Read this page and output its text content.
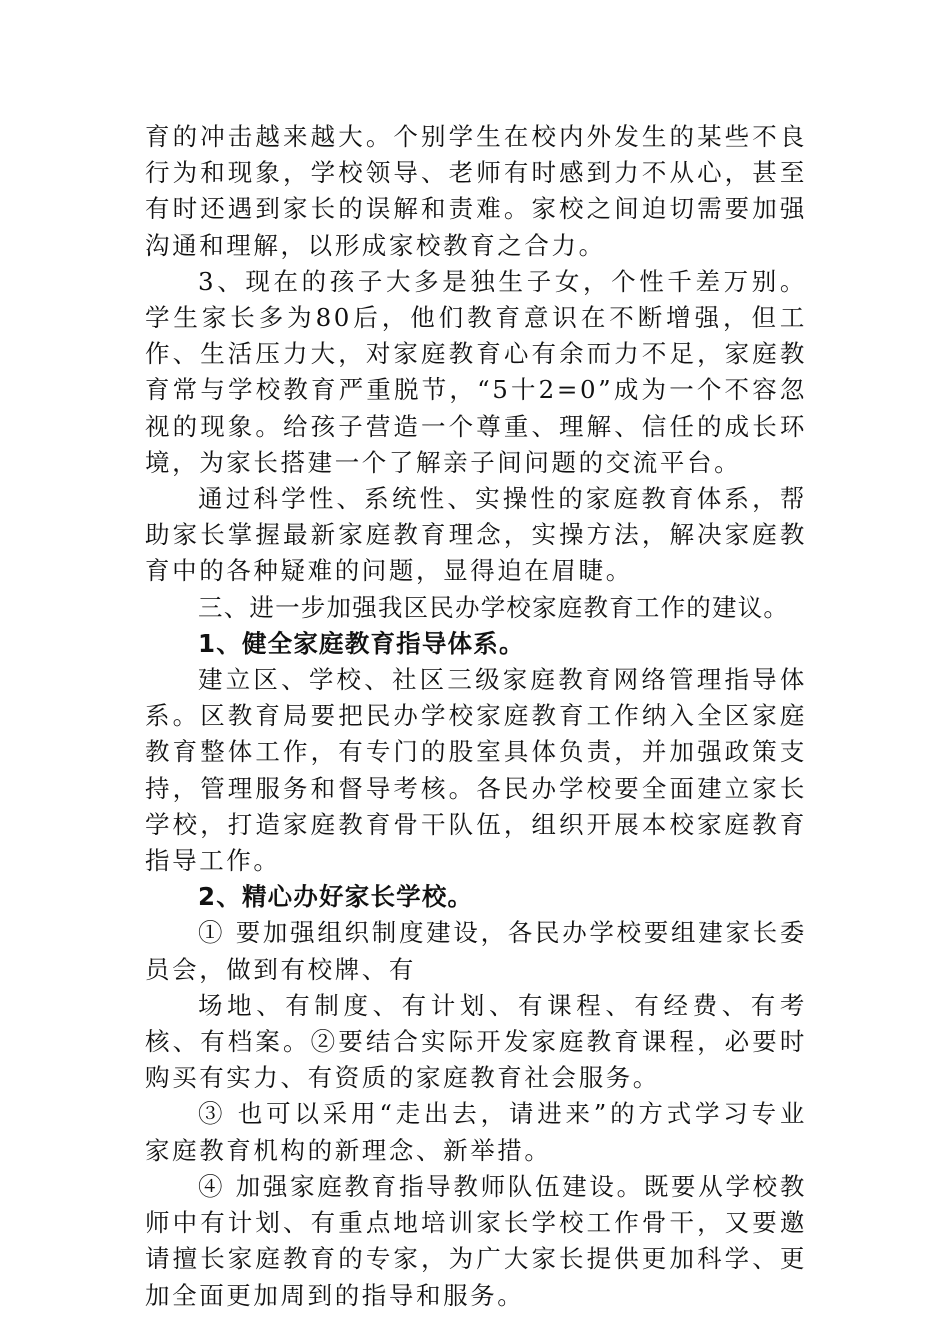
育的冲击越来越大。个别学生在校内外发生的某些不良行为和现象，学校领导、老师有时感到力不从心，甚至有时还遇到家长的误解和责难。家校之间迫切需要加强沟通和理解，以形成家校教育之合力。

3、现在的孩子大多是独生子女，个性千差万别。学生家长多为80后，他们教育意识在不断增强，但工作、生活压力大，对家庭教育心有余而力不足，家庭教育常与学校教育严重脱节，“5十2=0”成为一个不容忽视的现象。给孩子营造一个尊重、理解、信任的成长环境，为家长搭建一个了解亲子间问题的交流平台。

通过科学性、系统性、实操性的家庭教育体系，帮助家长掌握最新家庭教育理念，实操方法，解决家庭教育中的各种疑难的问题，显得迫在眉睫。

三、进一步加强我区民办学校家庭教育工作的建议。

1、健全家庭教育指导体系。

建立区、学校、社区三级家庭教育网络管理指导体系。区教育局要把民办学校家庭教育工作纳入全区家庭教育整体工作，有专门的股室具体负责，并加强政策支持，管理服务和督导考核。各民办学校要全面建立家长学校，打造家庭教育骨干队伍，组织开展本校家庭教育指导工作。

2、精心办好家长学校。

① 要加强组织制度建设，各民办学校要组建家长委员会，做到有校牌、有

场地、有制度、有计划、有课程、有经费、有考核、有档案。②要结合实际开发家庭教育课程，必要时购买有实力、有资质的家庭教育社会服务。

③ 也可以采用“走出去，请进来”的方式学习专业家庭教育机构的新理念、新举措。

④ 加强家庭教育指导教师队伍建设。既要从学校教师中有计划、有重点地培训家长学校工作骨干，又要邀请擅长家庭教育的专家，为广大家长提供更加科学、更加全面更加周到的指导和服务。
